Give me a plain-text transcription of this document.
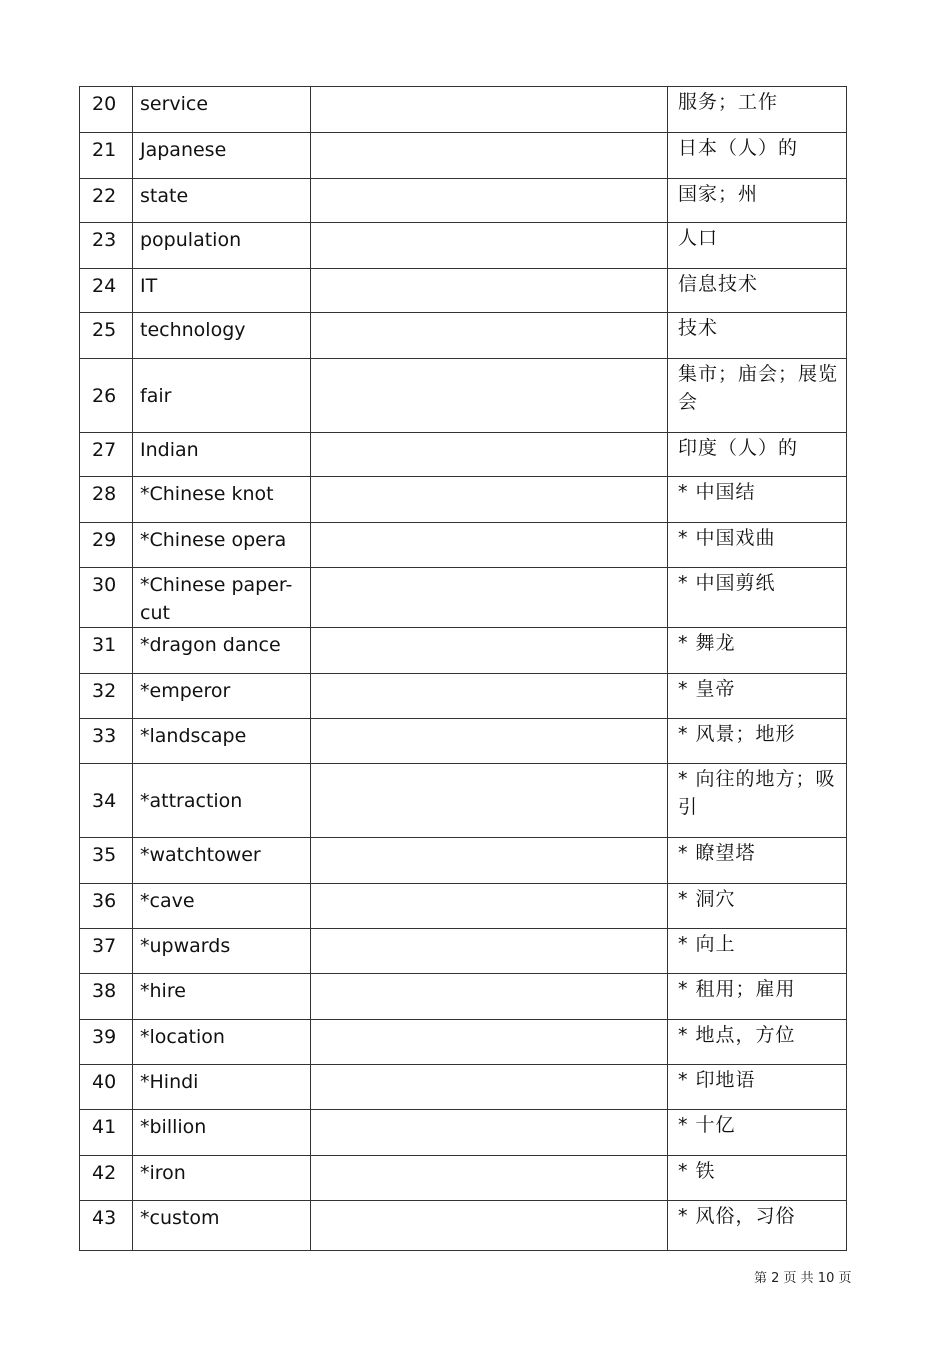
20	service		服务；工作
21	Japanese		日本（人）的
22	state		国家；州
23	population		人口
24	IT		信息技术
25	technology		技术
26	fair		集市；庙会；展览会
27	Indian		印度（人）的
28	*Chinese knot		* 中国结
29	*Chinese opera		* 中国戏曲
30	*Chinese paper-cut		* 中国剪纸
31	*dragon dance		* 舞龙
32	*emperor		* 皇帝
33	*landscape		* 风景；地形
34	*attraction		* 向往的地方；吸引
35	*watchtower		* 瞭望塔
36	*cave		* 洞穴
37	*upwards		* 向上
38	*hire		* 租用；雇用
39	*location		* 地点，方位
40	*Hindi		* 印地语
41	*billion		* 十亿
42	*iron		* 铁
43	*custom		* 风俗，习俗
第 2 页 共 10 页
